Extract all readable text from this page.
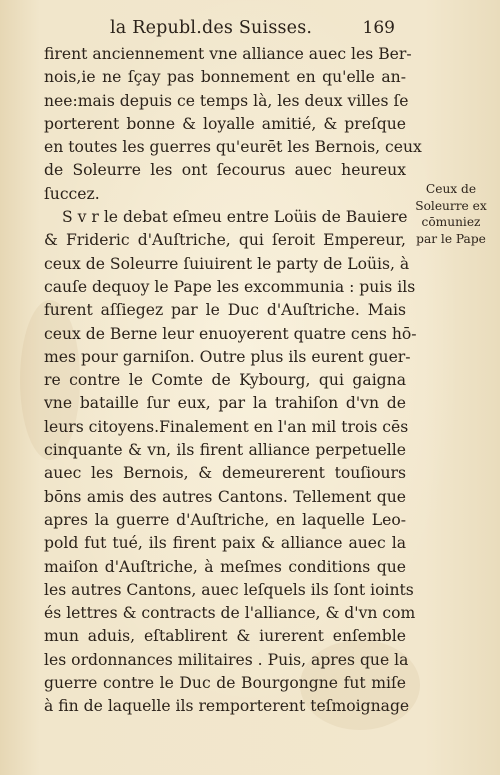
la Republ.des Suisses.	169
firent anciennement vne alliance auec les Ber-
nois,ie ne ſçay pas bonnement en qu'elle an-
nee:mais depuis ce temps là, les deux villes ſe
porterent bonne & loyalle amitié, & preſque
en toutes les guerres qu'eurēt les Bernois, ceux
de Soleurre les ont ſecourus auec heureux
ſuccez.
S v r le debat eſmeu entre Loüis de Bauiere
& Frideric d'Auſtriche, qui ſeroit Empereur,
ceux de Soleurre ſuiuirent le party de Loüis, à
cauſe dequoy le Pape les excommunia : puis ils
furent aſſiegez par le Duc d'Auſtriche. Mais
ceux de Berne leur enuoyerent quatre cens hō-
mes pour garniſon. Outre plus ils eurent guer-
re contre le Comte de Kybourg, qui gaigna
vne bataille ſur eux, par la trahiſon d'vn de
leurs citoyens.Finalement en l'an mil trois cēs
cinquante & vn, ils firent alliance perpetuelle
auec les Bernois, & demeurerent touſiours
bōns amis des autres Cantons. Tellement que
apres la guerre d'Auſtriche, en laquelle Leo-
pold fut tué, ils firent paix & alliance auec la
maiſon d'Auſtriche, à meſmes conditions que
les autres Cantons, auec leſquels ils ſont ioints
és lettres & contracts de l'alliance, & d'vn com
mun aduis, eſtablirent & iurerent enſemble
les ordonnances militaires . Puis, apres que la
guerre contre le Duc de Bourgongne fut miſe
à fin de laquelle ils remporterent teſmoignage
Ceux de
Soleurre ex
cōmuniez
par le Pape
